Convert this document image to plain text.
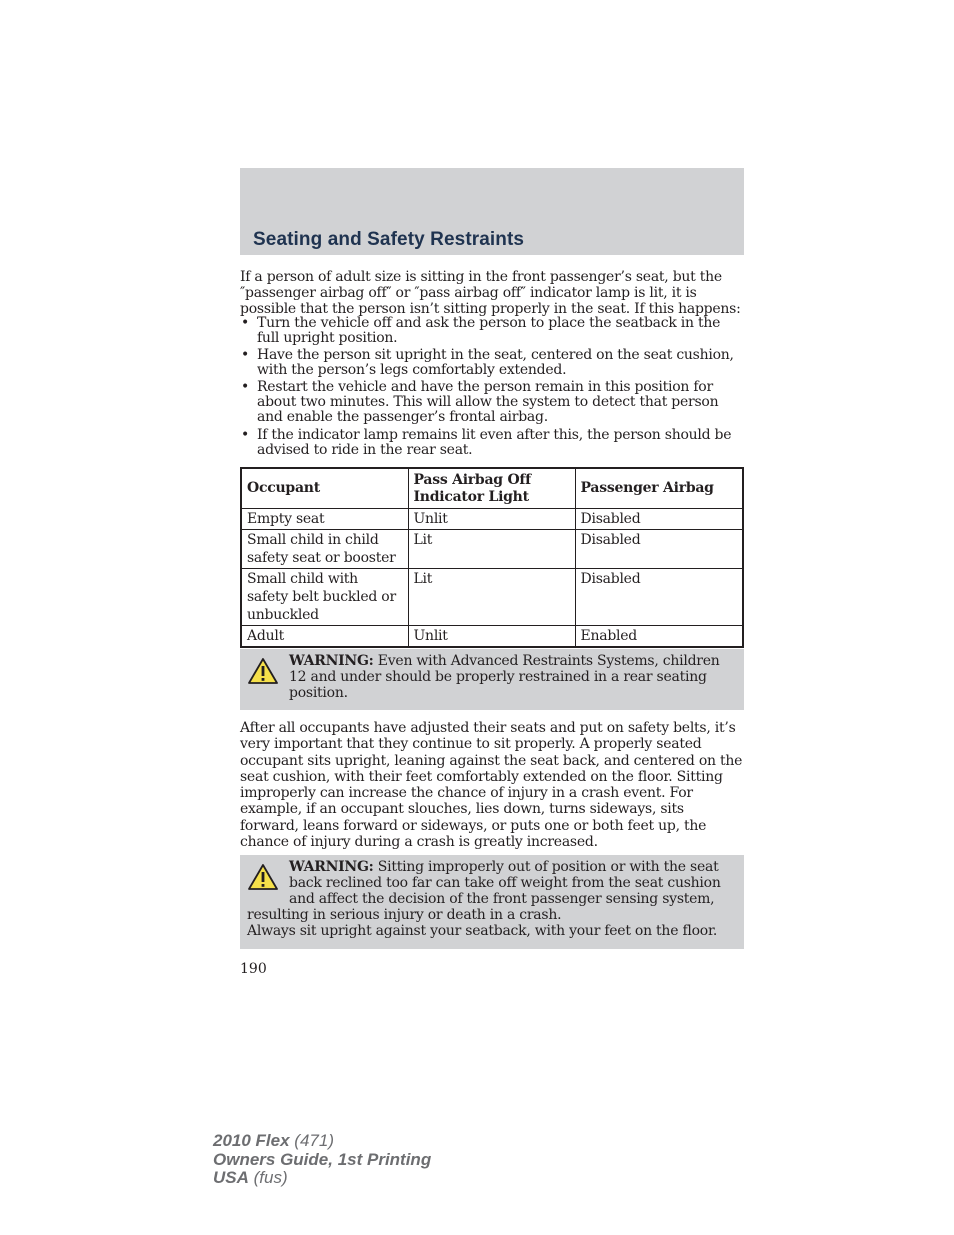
Seating and Safety Restraints
If a person of adult size is sitting in the front passenger’s seat, but the ″passenger airbag off″ or ″pass airbag off″ indicator lamp is lit, it is possible that the person isn’t sitting properly in the seat. If this happens:
• Turn the vehicle off and ask the person to place the seatback in the full upright position.
• Have the person sit upright in the seat, centered on the seat cushion, with the person’s legs comfortably extended.
• Restart the vehicle and have the person remain in this position for about two minutes. This will allow the system to detect that person and enable the passenger’s frontal airbag.
• If the indicator lamp remains lit even after this, the person should be advised to ride in the rear seat.
Occupant	Pass Airbag Off Indicator Light	Passenger Airbag
Empty seat	Unlit	Disabled
Small child in child safety seat or booster	Lit	Disabled
Small child with safety belt buckled or unbuckled	Lit	Disabled
Adult	Unlit	Enabled
WARNING: Even with Advanced Restraints Systems, children 12 and under should be properly restrained in a rear seating position.
After all occupants have adjusted their seats and put on safety belts, it’s very important that they continue to sit properly. A properly seated occupant sits upright, leaning against the seat back, and centered on the seat cushion, with their feet comfortably extended on the floor. Sitting improperly can increase the chance of injury in a crash event. For example, if an occupant slouches, lies down, turns sideways, sits forward, leans forward or sideways, or puts one or both feet up, the chance of injury during a crash is greatly increased.
WARNING: Sitting improperly out of position or with the seat back reclined too far can take off weight from the seat cushion and affect the decision of the front passenger sensing system, resulting in serious injury or death in a crash.
Always sit upright against your seatback, with your feet on the floor.
190
2010 Flex (471)
Owners Guide, 1st Printing
USA (fus)
